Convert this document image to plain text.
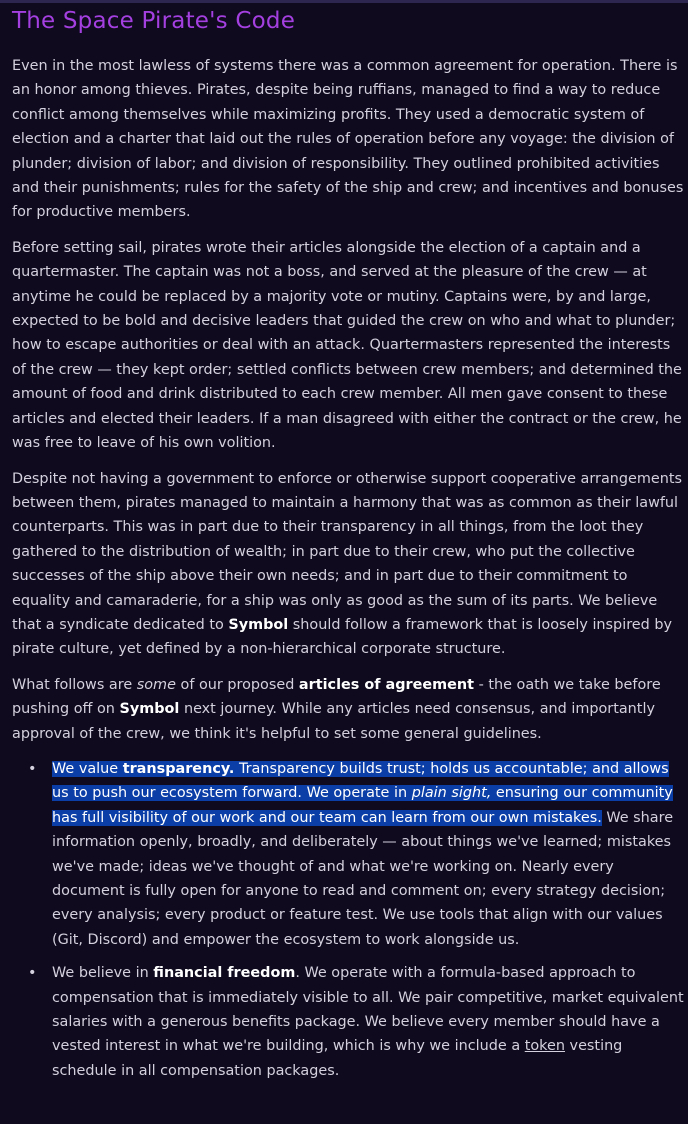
The Space Pirate's Code

Even in the most lawless of systems there was a common agreement for operation. There is an honor among thieves. Pirates, despite being ruffians, managed to find a way to reduce conflict among themselves while maximizing profits. They used a democratic system of election and a charter that laid out the rules of operation before any voyage: the division of plunder; division of labor; and division of responsibility. They outlined prohibited activities and their punishments; rules for the safety of the ship and crew; and incentives and bonuses for productive members.

Before setting sail, pirates wrote their articles alongside the election of a captain and a quartermaster. The captain was not a boss, and served at the pleasure of the crew — at anytime he could be replaced by a majority vote or mutiny. Captains were, by and large, expected to be bold and decisive leaders that guided the crew on who and what to plunder; how to escape authorities or deal with an attack. Quartermasters represented the interests of the crew — they kept order; settled conflicts between crew members; and determined the amount of food and drink distributed to each crew member. All men gave consent to these articles and elected their leaders. If a man disagreed with either the contract or the crew, he was free to leave of his own volition.

Despite not having a government to enforce or otherwise support cooperative arrangements between them, pirates managed to maintain a harmony that was as common as their lawful counterparts. This was in part due to their transparency in all things, from the loot they gathered to the distribution of wealth; in part due to their crew, who put the collective successes of the ship above their own needs; and in part due to their commitment to equality and camaraderie, for a ship was only as good as the sum of its parts. We believe that a syndicate dedicated to Symbol should follow a framework that is loosely inspired by pirate culture, yet defined by a non-hierarchical corporate structure.

What follows are some of our proposed articles of agreement - the oath we take before pushing off on Symbol next journey. While any articles need consensus, and importantly approval of the crew, we think it's helpful to set some general guidelines.

• We value transparency. Transparency builds trust; holds us accountable; and allows us to push our ecosystem forward. We operate in plain sight, ensuring our community has full visibility of our work and our team can learn from our own mistakes. We share information openly, broadly, and deliberately — about things we've learned; mistakes we've made; ideas we've thought of and what we're working on. Nearly every document is fully open for anyone to read and comment on; every strategy decision; every analysis; every product or feature test. We use tools that align with our values (Git, Discord) and empower the ecosystem to work alongside us.
• We believe in financial freedom. We operate with a formula-based approach to compensation that is immediately visible to all. We pair competitive, market equivalent salaries with a generous benefits package. We believe every member should have a vested interest in what we're building, which is why we include a token vesting schedule in all compensation packages.
